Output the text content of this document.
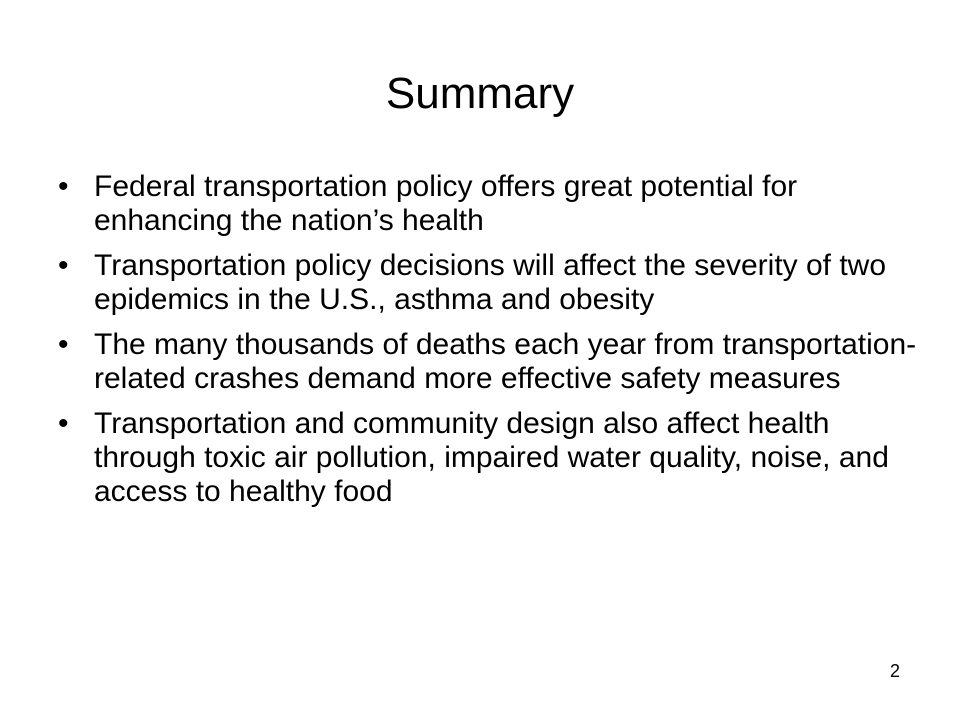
Summary
• Federal transportation policy offers great potential for enhancing the nation’s health
• Transportation policy decisions will affect the severity of two epidemics in the U.S., asthma and obesity
• The many thousands of deaths each year from transportation-related crashes demand more effective safety measures
• Transportation and community design also affect health through toxic air pollution, impaired water quality, noise, and access to healthy food
2
